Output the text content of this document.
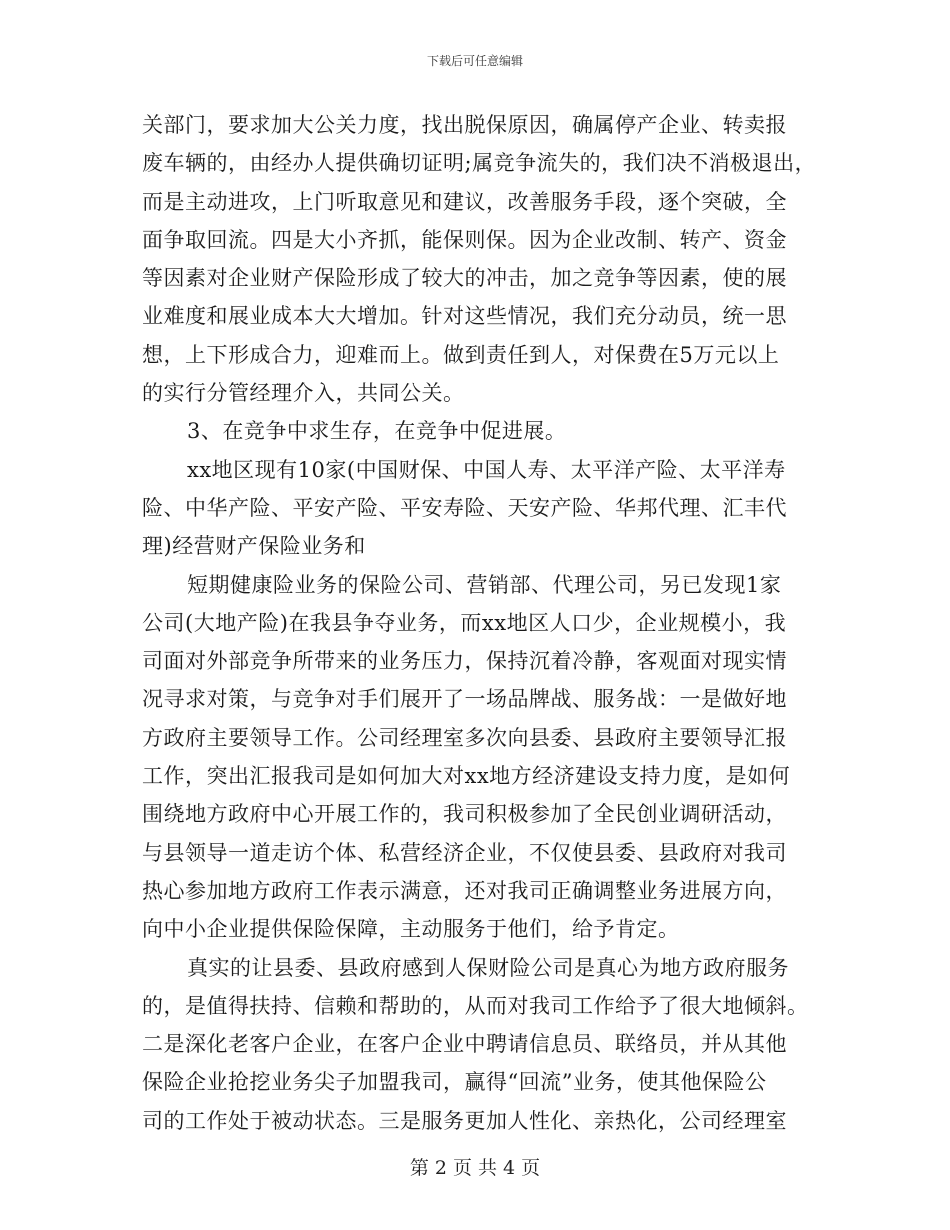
下载后可任意编辑
关部门，要求加大公关力度，找出脱保原因，确属停产企业、转卖报
废车辆的，由经办人提供确切证明;属竞争流失的，我们决不消极退出，
而是主动进攻，上门听取意见和建议，改善服务手段，逐个突破，全
面争取回流。四是大小齐抓，能保则保。因为企业改制、转产、资金
等因素对企业财产保险形成了较大的冲击，加之竞争等因素，使的展
业难度和展业成本大大增加。针对这些情况，我们充分动员，统一思
想，上下形成合力，迎难而上。做到责任到人，对保费在5万元以上
的实行分管经理介入，共同公关。
3、在竞争中求生存，在竞争中促进展。
xx地区现有10家(中国财保、中国人寿、太平洋产险、太平洋寿
险、中华产险、平安产险、平安寿险、天安产险、华邦代理、汇丰代
理)经营财产保险业务和
短期健康险业务的保险公司、营销部、代理公司，另已发现1家
公司(大地产险)在我县争夺业务，而xx地区人口少，企业规模小，我
司面对外部竞争所带来的业务压力，保持沉着冷静，客观面对现实情
况寻求对策，与竞争对手们展开了一场品牌战、服务战：一是做好地
方政府主要领导工作。公司经理室多次向县委、县政府主要领导汇报
工作，突出汇报我司是如何加大对xx地方经济建设支持力度，是如何
围绕地方政府中心开展工作的，我司积极参加了全民创业调研活动，
与县领导一道走访个体、私营经济企业，不仅使县委、县政府对我司
热心参加地方政府工作表示满意，还对我司正确调整业务进展方向，
向中小企业提供保险保障，主动服务于他们，给予肯定。
真实的让县委、县政府感到人保财险公司是真心为地方政府服务
的，是值得扶持、信赖和帮助的，从而对我司工作给予了很大地倾斜。
二是深化老客户企业，在客户企业中聘请信息员、联络员，并从其他
保险企业抢挖业务尖子加盟我司，赢得“回流”业务，使其他保险公
司的工作处于被动状态。三是服务更加人性化、亲热化，公司经理室
第 2 页 共 4 页
